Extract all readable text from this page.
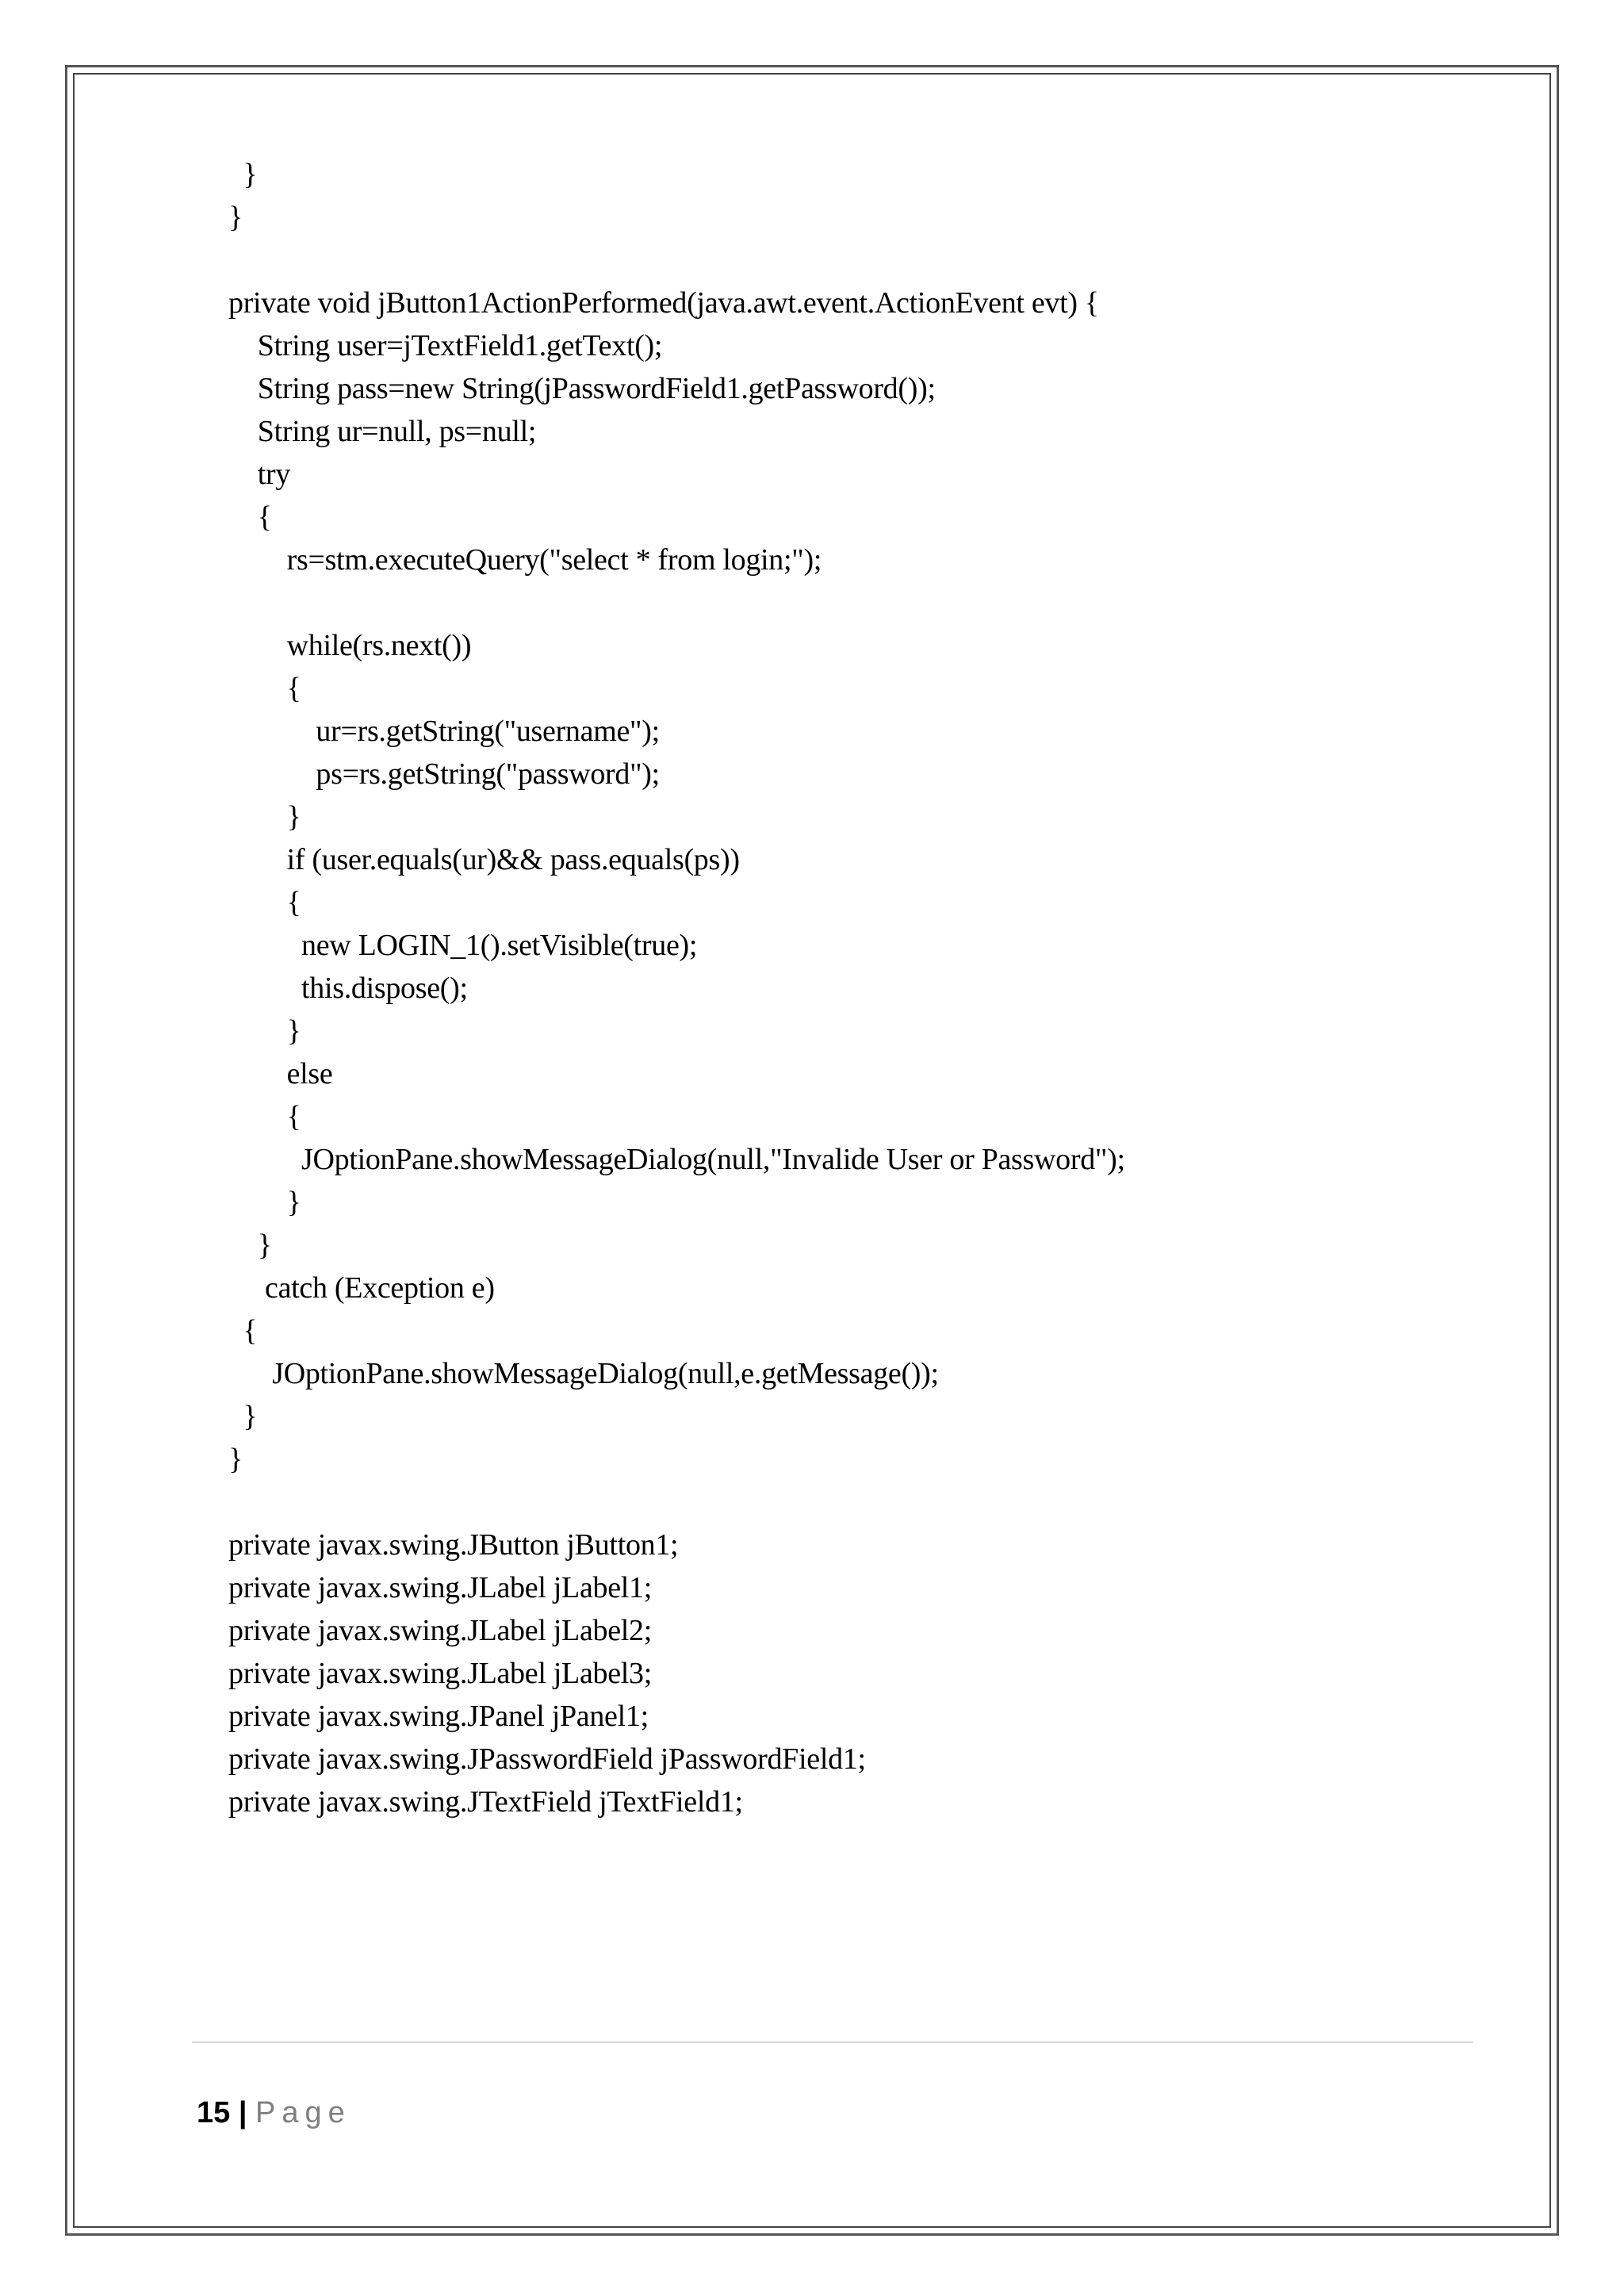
}
}
private void jButton1ActionPerformed(java.awt.event.ActionEvent evt) {
String user=jTextField1.getText();
String pass=new String(jPasswordField1.getPassword());
String ur=null, ps=null;
try
{
rs=stm.executeQuery("select * from login;");
while(rs.next())
{
ur=rs.getString("username");
ps=rs.getString("password");
}
if (user.equals(ur)&& pass.equals(ps))
{
new LOGIN_1().setVisible(true);
this.dispose();
}
else
{
JOptionPane.showMessageDialog(null,"Invalide User or Password");
}
}
catch (Exception e)
{
JOptionPane.showMessageDialog(null,e.getMessage());
}
}
private javax.swing.JButton jButton1;
private javax.swing.JLabel jLabel1;
private javax.swing.JLabel jLabel2;
private javax.swing.JLabel jLabel3;
private javax.swing.JPanel jPanel1;
private javax.swing.JPasswordField jPasswordField1;
private javax.swing.JTextField jTextField1;
15 | Page
